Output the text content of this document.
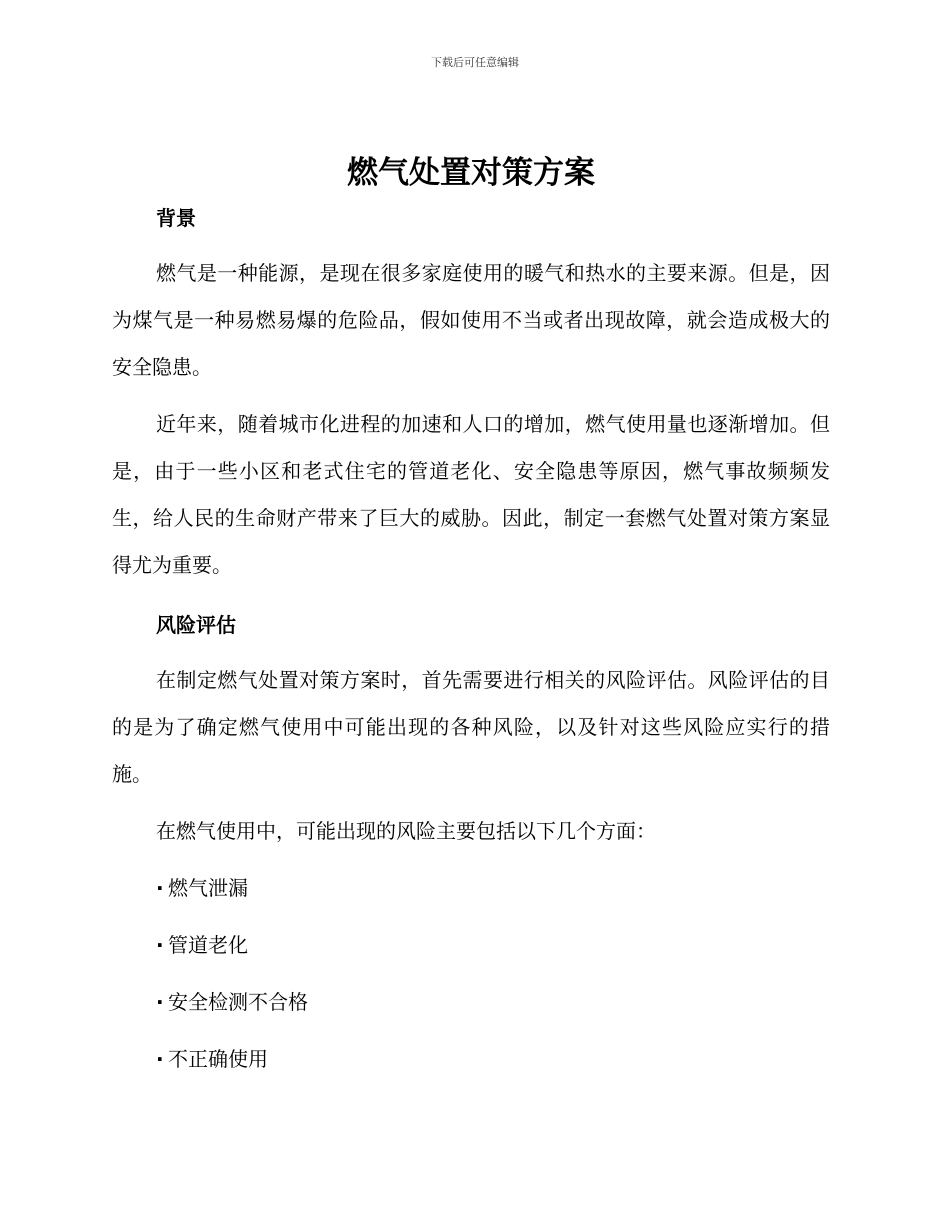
下载后可任意编辑
燃气处置对策方案
背景

燃气是一种能源，是现在很多家庭使用的暖气和热水的主要来源。但是，因为煤气是一种易燃易爆的危险品，假如使用不当或者出现故障，就会造成极大的安全隐患。

近年来，随着城市化进程的加速和人口的增加，燃气使用量也逐渐增加。但是，由于一些小区和老式住宅的管道老化、安全隐患等原因，燃气事故频频发生，给人民的生命财产带来了巨大的威胁。因此，制定一套燃气处置对策方案显得尤为重要。

风险评估

在制定燃气处置对策方案时，首先需要进行相关的风险评估。风险评估的目的是为了确定燃气使用中可能出现的各种风险，以及针对这些风险应实行的措施。

在燃气使用中，可能出现的风险主要包括以下几个方面：

· 燃气泄漏
· 管道老化
· 安全检测不合格
· 不正确使用
